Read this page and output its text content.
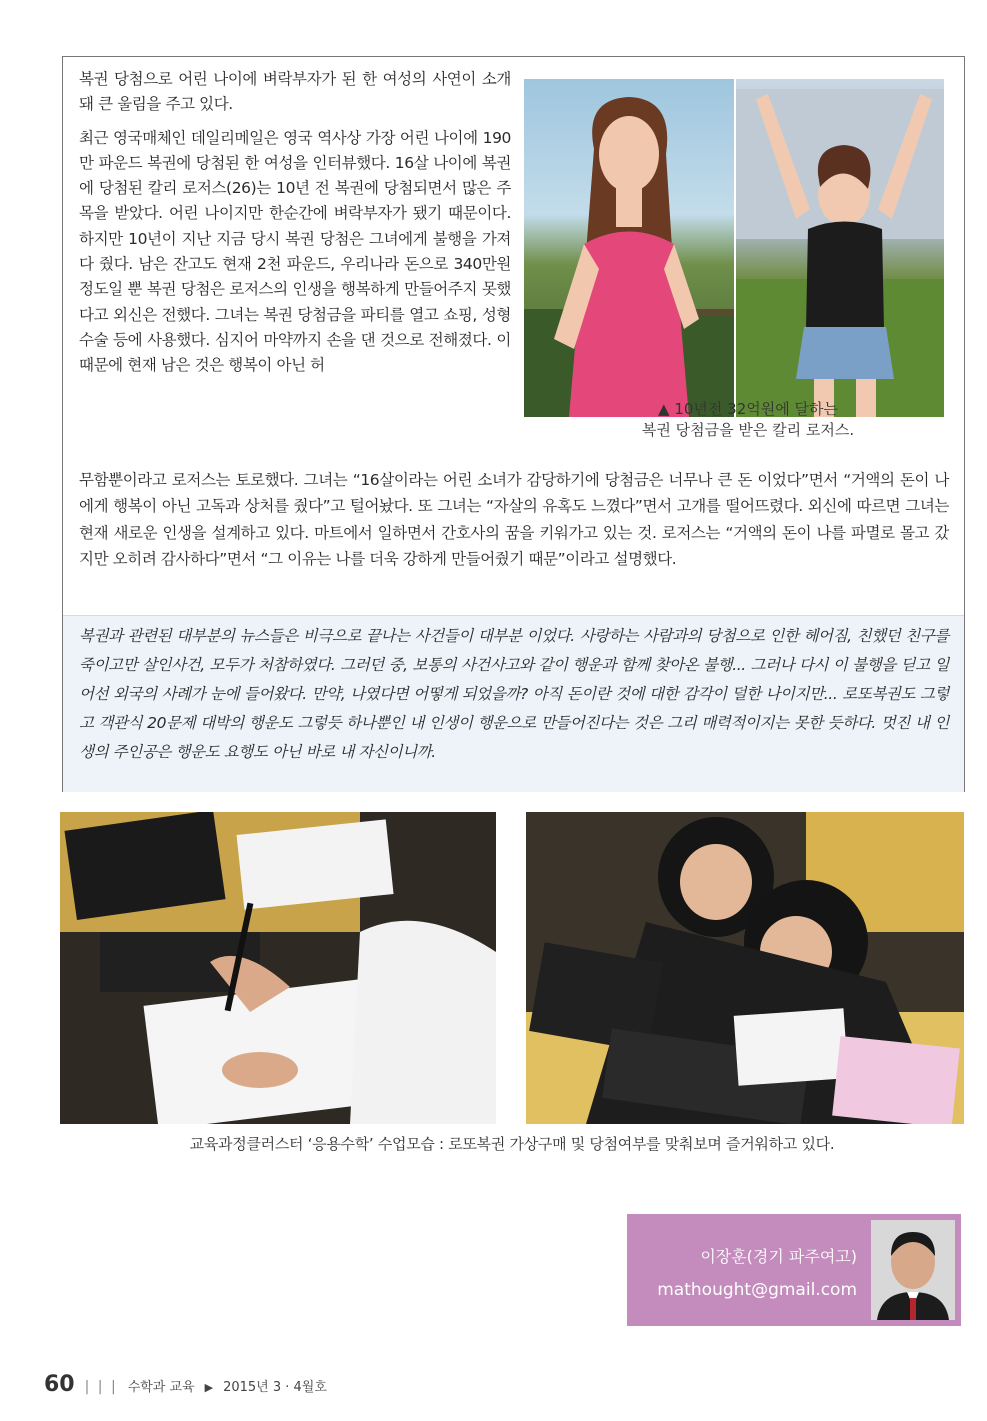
복권 당첨으로 어린 나이에 벼락부자가 된 한 여성의 사연이 소개돼 큰 울림을 주고 있다.

최근 영국매체인 데일리메일은 영국 역사상 가장 어린 나이에 190만 파운드 복권에 당첨된 한 여성을 인터뷰했다. 16살 나이에 복권에 당첨된 칼리 로저스(26)는 10년 전 복권에 당첨되면서 많은 주목을 받았다. 어린 나이지만 한순간에 벼락부자가 됐기 때문이다. 하지만 10년이 지난 지금 당시 복권 당첨은 그녀에게 불행을 가져다 줬다. 남은 잔고도 현재 2천 파운드, 우리나라 돈으로 340만원 정도일 뿐 복권 당첨은 로저스의 인생을 행복하게 만들어주지 못했다고 외신은 전했다. 그녀는 복권 당첨금을 파티를 열고 쇼핑, 성형수술 등에 사용했다. 심지어 마약까지 손을 댄 것으로 전해졌다. 이 때문에 현재 남은 것은 행복이 아닌 허

▲ 10년전 32억원에 달하는
복권 당첨금을 받은 칼리 로저스.
무함뿐이라고 로저스는 토로했다. 그녀는 “16살이라는 어린 소녀가 감당하기에 당첨금은 너무나 큰 돈 이었다”면서 “거액의 돈이 나에게 행복이 아닌 고독과 상처를 줬다”고 털어놨다. 또 그녀는 “자살의 유혹도 느꼈다”면서 고개를 떨어뜨렸다. 외신에 따르면 그녀는 현재 새로운 인생을 설계하고 있다. 마트에서 일하면서 간호사의 꿈을 키워가고 있는 것. 로저스는 “거액의 돈이 나를 파멸로 몰고 갔지만 오히려 감사하다”면서 “그 이유는 나를 더욱 강하게 만들어줬기 때문”이라고 설명했다.
복권과 관련된 대부분의 뉴스들은 비극으로 끝나는 사건들이 대부분 이었다. 사랑하는 사람과의 당첨으로 인한 헤어짐, 친했던 친구를 죽이고만 살인사건, 모두가 처참하였다. 그러던 중, 보통의 사건사고와 같이 행운과 함께 찾아온 불행... 그러나 다시 이 불행을 딛고 일어선 외국의 사례가 눈에 들어왔다. 만약, 나였다면 어떻게 되었을까? 아직 돈이란 것에 대한 감각이 덜한 나이지만... 로또복권도 그렇고 객관식 20문제 대박의 행운도 그렇듯 하나뿐인 내 인생이 행운으로 만들어진다는 것은 그리 매력적이지는 못한 듯하다. 멋진 내 인생의 주인공은 행운도 요행도 아닌 바로 내 자신이니까.
교육과정클러스터 ‘응용수학’ 수업모습 : 로또복권 가상구매 및 당첨여부를 맞춰보며 즐거워하고 있다.
이장훈(경기 파주여고)
mathought@gmail.com
60 | | | 수학과 교육 ▶ 2015년 3 · 4월호
